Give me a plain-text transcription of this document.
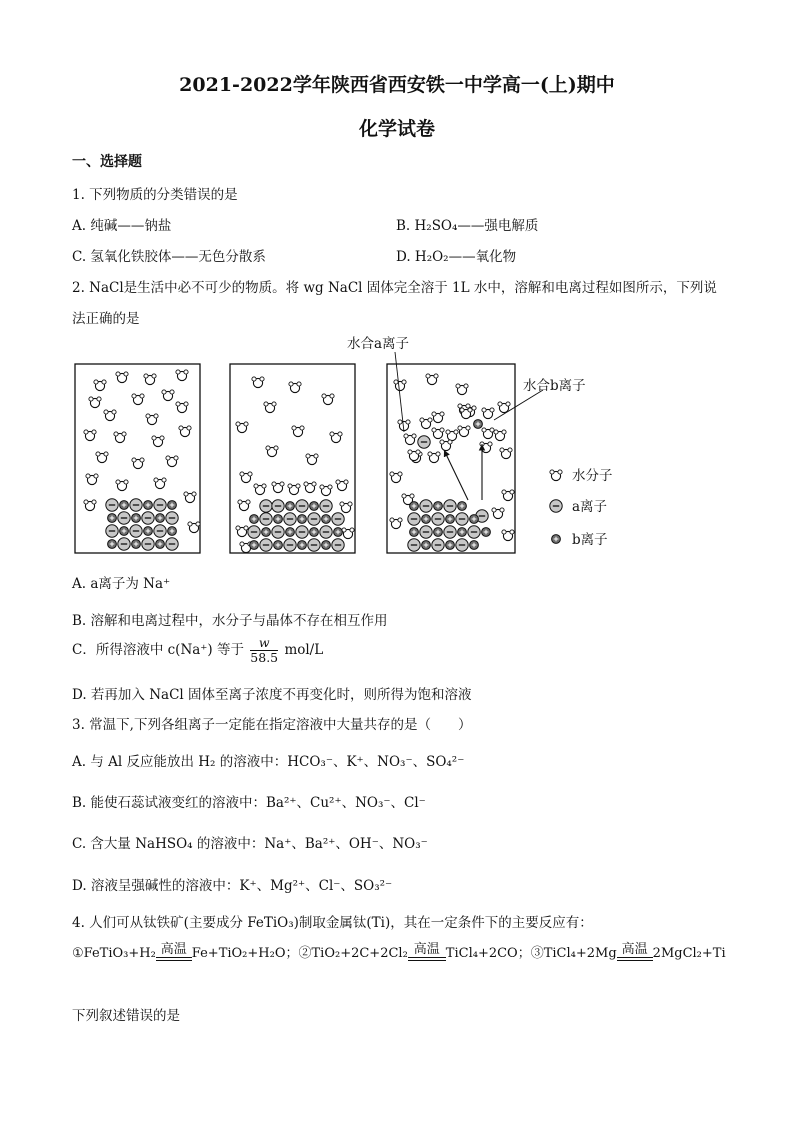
2021-2022学年陕西省西安铁一中学高一(上)期中
化学试卷
一、选择题
1. 下列物质的分类错误的是
A. 纯碱——钠盐	B. H₂SO₄——强电解质
C. 氢氧化铁胶体——无色分散系	D. H₂O₂——氧化物
2. NaCl是生活中必不可少的物质。将 wg NaCl 固体完全溶于 1L 水中，溶解和电离过程如图所示，下列说
法正确的是
水合a离子
水合b离子
水分子
a离子
b离子
A. a离子为 Na⁺
B. 溶解和电离过程中，水分子与晶体不存在相互作用
C．所得溶液中 c(Na⁺) 等于 $\frac{w}{58.5} mol/L$
D. 若再加入 NaCl 固体至离子浓度不再变化时，则所得为饱和溶液
3. 常温下,下列各组离子一定能在指定溶液中大量共存的是（　　）
A. 与 Al 反应能放出 H₂ 的溶液中：HCO₃⁻、K⁺、NO₃⁻、SO₄²⁻
B. 能使石蕊试液变红的溶液中：Ba²⁺、Cu²⁺、NO₃⁻、Cl⁻
C. 含大量 NaHSO₄ 的溶液中：Na⁺、Ba²⁺、OH⁻、NO₃⁻
D. 溶液呈强碱性的溶液中：K⁺、Mg²⁺、Cl⁻、SO₃²⁻
4. 人们可从钛铁矿(主要成分 FeTiO₃)制取金属钛(Ti)，其在一定条件下的主要反应有：
①FeTiO₃+H₂ 高温 Fe+TiO₂+H₂O；②TiO₂+2C+2Cl₂ 高温 TiCl₄+2CO；③TiCl₄+2Mg 高温 2MgCl₂+Ti
下列叙述错误的是
